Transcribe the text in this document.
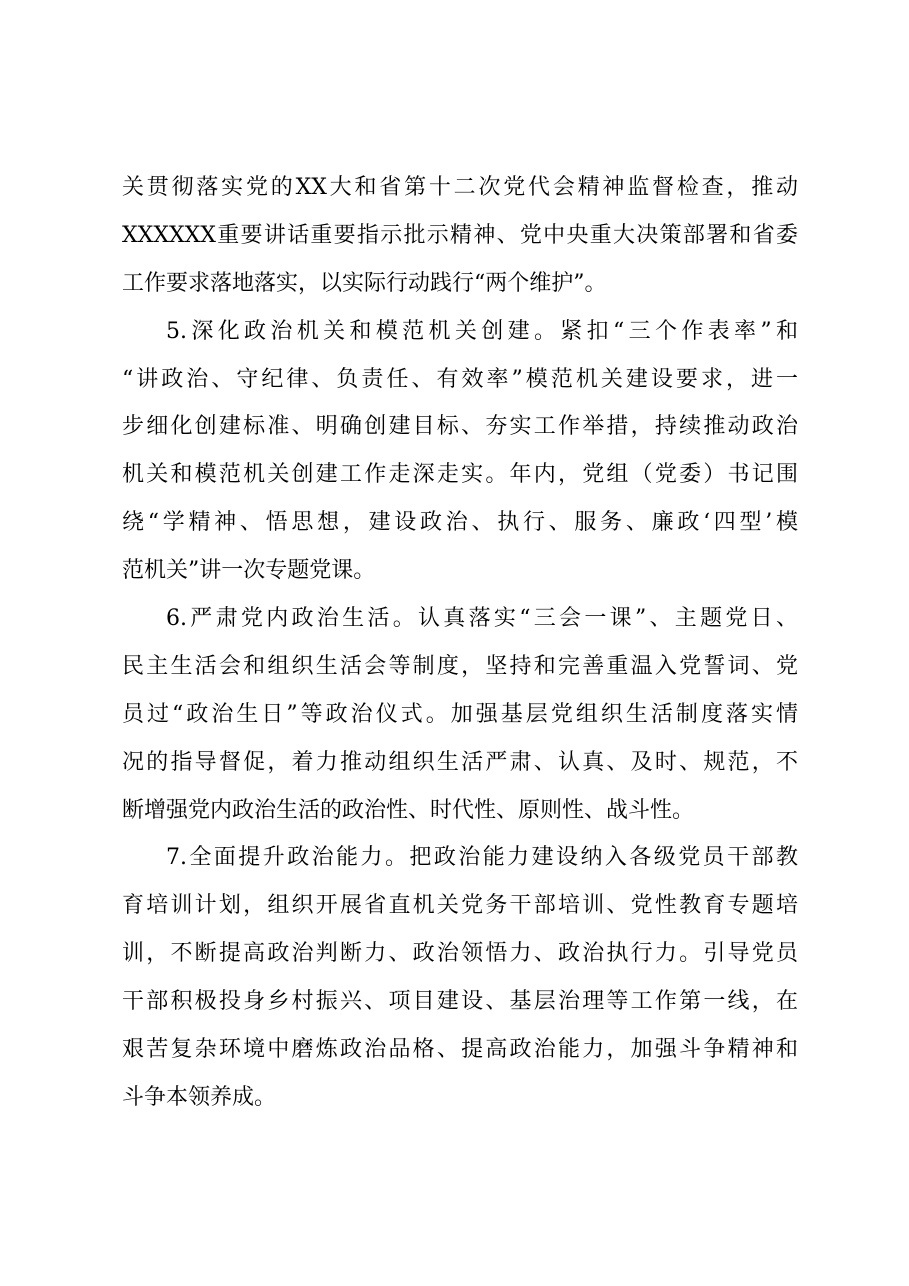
关贯彻落实党的XX大和省第十二次党代会精神监督检查，推动
XXXXXX重要讲话重要指示批示精神、党中央重大决策部署和省委
工作要求落地落实，以实际行动践行“两个维护”。
5.深化政治机关和模范机关创建。紧扣“三个作表率”和
“讲政治、守纪律、负责任、有效率”模范机关建设要求，进一
步细化创建标准、明确创建目标、夯实工作举措，持续推动政治
机关和模范机关创建工作走深走实。年内，党组（党委）书记围
绕“学精神、悟思想，建设政治、执行、服务、廉政‘四型’模
范机关”讲一次专题党课。
6.严肃党内政治生活。认真落实“三会一课”、主题党日、
民主生活会和组织生活会等制度，坚持和完善重温入党誓词、党
员过“政治生日”等政治仪式。加强基层党组织生活制度落实情
况的指导督促，着力推动组织生活严肃、认真、及时、规范，不
断增强党内政治生活的政治性、时代性、原则性、战斗性。
7.全面提升政治能力。把政治能力建设纳入各级党员干部教
育培训计划，组织开展省直机关党务干部培训、党性教育专题培
训，不断提高政治判断力、政治领悟力、政治执行力。引导党员
干部积极投身乡村振兴、项目建设、基层治理等工作第一线，在
艰苦复杂环境中磨炼政治品格、提高政治能力，加强斗争精神和
斗争本领养成。
